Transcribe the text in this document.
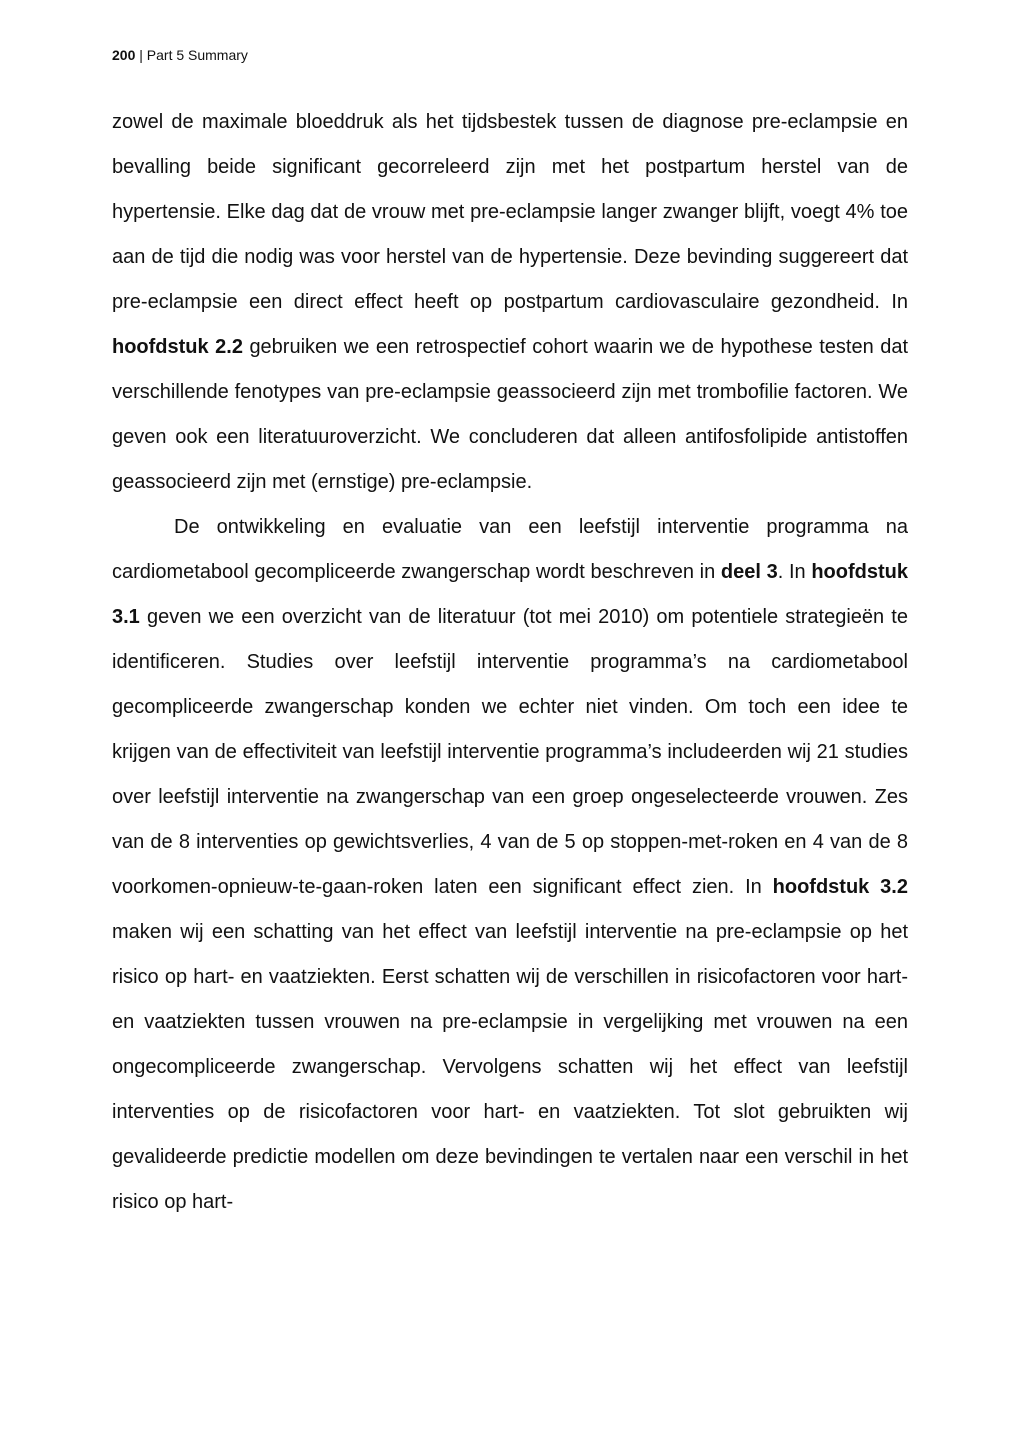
200 | Part 5 Summary

zowel de maximale bloeddruk als het tijdsbestek tussen de diagnose pre-eclampsie en bevalling beide significant gecorreleerd zijn met het postpartum herstel van de hypertensie. Elke dag dat de vrouw met pre-eclampsie langer zwanger blijft, voegt 4% toe aan de tijd die nodig was voor herstel van de hypertensie. Deze bevinding suggereert dat pre-eclampsie een direct effect heeft op postpartum cardiovasculaire gezondheid. In hoofdstuk 2.2 gebruiken we een retrospectief cohort waarin we de hypothese testen dat verschillende fenotypes van pre-eclampsie geassocieerd zijn met trombofilie factoren. We geven ook een literatuuroverzicht. We concluderen dat alleen antifosfolipide antistoffen geassocieerd zijn met (ernstige) pre-eclampsie.

De ontwikkeling en evaluatie van een leefstijl interventie programma na cardiometabool gecompliceerde zwangerschap wordt beschreven in deel 3. In hoofdstuk 3.1 geven we een overzicht van de literatuur (tot mei 2010) om potentiele strategieën te identificeren. Studies over leefstijl interventie programma’s na cardiometabool gecompliceerde zwangerschap konden we echter niet vinden. Om toch een idee te krijgen van de effectiviteit van leefstijl interventie programma’s includeerden wij 21 studies over leefstijl interventie na zwangerschap van een groep ongeselecteerde vrouwen. Zes van de 8 interventies op gewichtsverlies, 4 van de 5 op stoppen-met-roken en 4 van de 8 voorkomen-opnieuw-te-gaan-roken laten een significant effect zien. In hoofdstuk 3.2 maken wij een schatting van het effect van leefstijl interventie na pre-eclampsie op het risico op hart- en vaatziekten. Eerst schatten wij de verschillen in risicofactoren voor hart- en vaatziekten tussen vrouwen na pre-eclampsie in vergelijking met vrouwen na een ongecompliceerde zwangerschap. Vervolgens schatten wij het effect van leefstijl interventies op de risicofactoren voor hart- en vaatziekten. Tot slot gebruikten wij gevalideerde predictie modellen om deze bevindingen te vertalen naar een verschil in het risico op hart-
